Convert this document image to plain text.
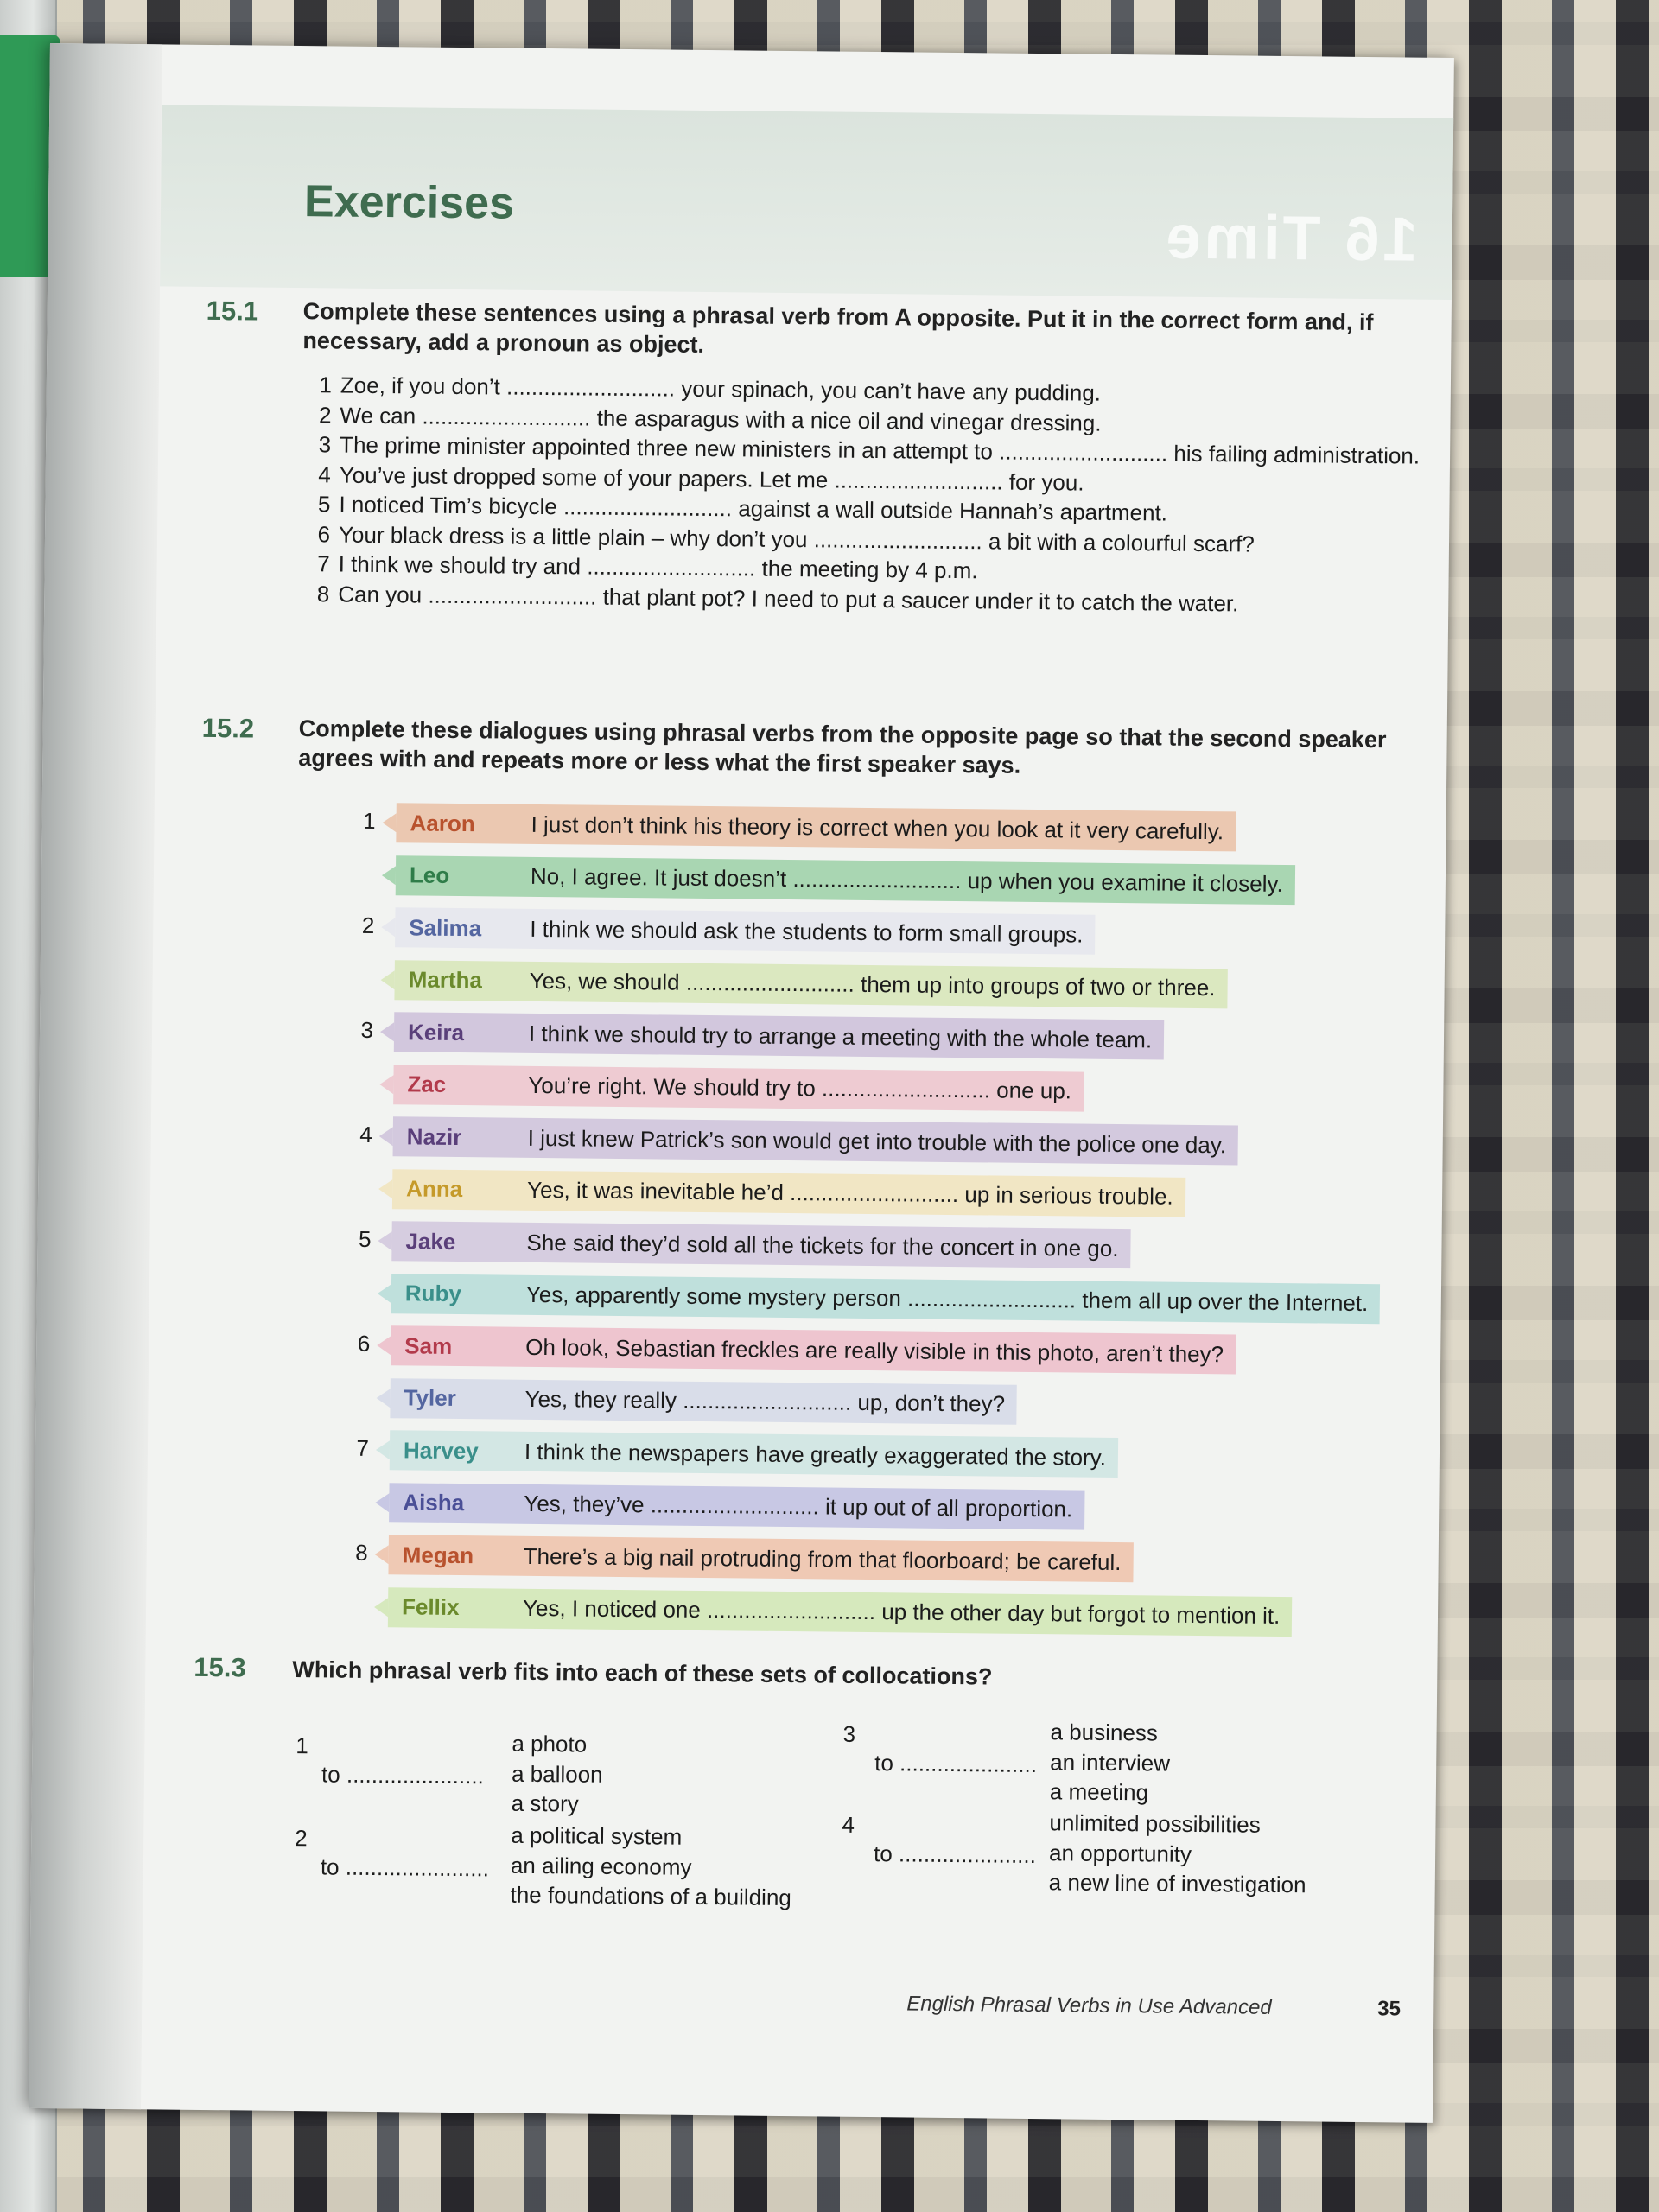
16 Time
Exercises
15.1 Complete these sentences using a phrasal verb from A opposite. Put it in the correct form and, if necessary, add a pronoun as object.
1 Zoe, if you don’t ........................... your spinach, you can’t have any pudding.
2 We can ........................... the asparagus with a nice oil and vinegar dressing.
3 The prime minister appointed three new ministers in an attempt to ........................... his failing administration.
4 You’ve just dropped some of your papers. Let me ........................... for you.
5 I noticed Tim’s bicycle ........................... against a wall outside Hannah’s apartment.
6 Your black dress is a little plain – why don’t you ........................... a bit with a colourful scarf?
7 I think we should try and ........................... the meeting by 4 p.m.
8 Can you ........................... that plant pot? I need to put a saucer under it to catch the water.
15.2 Complete these dialogues using phrasal verbs from the opposite page so that the second speaker agrees with and repeats more or less what the first speaker says.
1	Aaron	I just don’t think his theory is correct when you look at it very carefully.
Leo	No, I agree. It just doesn’t ........................... up when you examine it closely.
2	Salima	I think we should ask the students to form small groups.
Martha	Yes, we should ........................... them up into groups of two or three.
3	Keira	I think we should try to arrange a meeting with the whole team.
Zac	You’re right. We should try to ........................... one up.
4	Nazir	I just knew Patrick’s son would get into trouble with the police one day.
Anna	Yes, it was inevitable he’d ........................... up in serious trouble.
5	Jake	She said they’d sold all the tickets for the concert in one go.
Ruby	Yes, apparently some mystery person ........................... them all up over the Internet.
6	Sam	Oh look, Sebastian freckles are really visible in this photo, aren’t they?
Tyler	Yes, they really ........................... up, don’t they?
7	Harvey	I think the newspapers have greatly exaggerated the story.
Aisha	Yes, they’ve ........................... it up out of all proportion.
8	Megan	There’s a big nail protruding from that floorboard; be careful.
Fellix	Yes, I noticed one ........................... up the other day but forgot to mention it.
15.3 Which phrasal verb fits into each of these sets of collocations?
1
to ......................
a photo
a balloon
a story
2
to .......................
a political system
an ailing economy
the foundations of a building
3
to ......................
a business
an interview
a meeting
4
to ......................
unlimited possibilities
an opportunity
a new line of investigation
English Phrasal Verbs in Use Advanced	35
